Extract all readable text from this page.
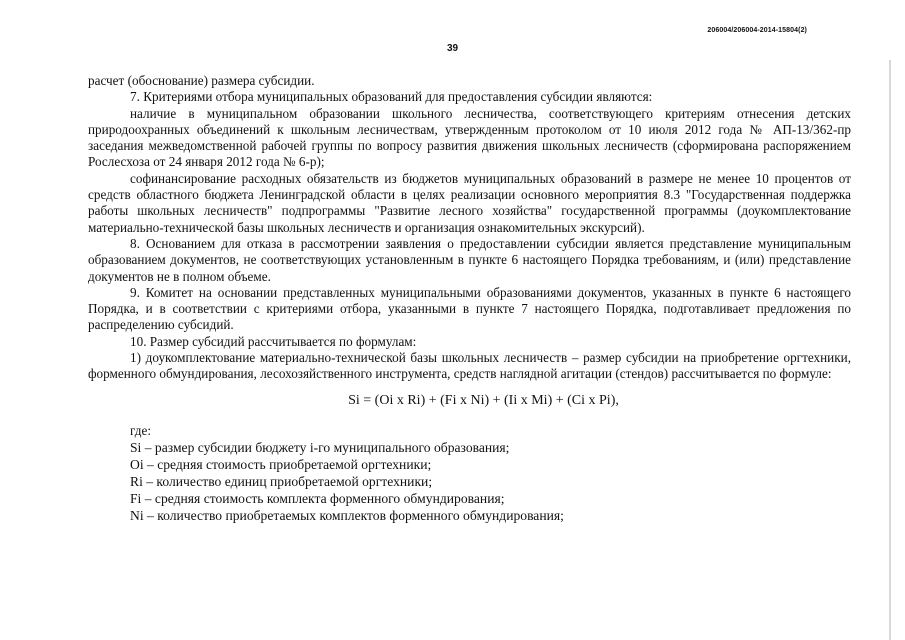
206004/206004-2014-15804(2)
39

расчет (обоснование) размера субсидии.

7. Критериями отбора муниципальных образований для предоставления субсидии являются:

наличие в муниципальном образовании школьного лесничества, соответствующего критериям отнесения детских природоохранных объединений к школьным лесничествам, утвержденным протоколом от 10 июля 2012 года № АП-13/362-пр заседания межведомственной рабочей группы по вопросу развития движения школьных лесничеств (сформирована распоряжением Рослесхоза от 24 января 2012 года № 6-р);

софинансирование расходных обязательств из бюджетов муниципальных образований в размере не менее 10 процентов от средств областного бюджета Ленинградской области в целях реализации основного мероприятия 8.3 "Государственная поддержка работы школьных лесничеств" подпрограммы "Развитие лесного хозяйства" государственной программы (доукомплектование материально-технической базы школьных лесничеств и организация ознакомительных экскурсий).

8. Основанием для отказа в рассмотрении заявления о предоставлении субсидии является представление муниципальным образованием документов, не соответствующих установленным в пункте 6 настоящего Порядка требованиям, и (или) представление документов не в полном объеме.

9. Комитет на основании представленных муниципальными образованиями документов, указанных в пункте 6 настоящего Порядка, и в соответствии с критериями отбора, указанными в пункте 7 настоящего Порядка, подготавливает предложения по распределению субсидий.

10. Размер субсидий рассчитывается по формулам:

1) доукомплектование материально-технической базы школьных лесничеств – размер субсидии на приобретение оргтехники, форменного обмундирования, лесохозяйственного инструмента, средств наглядной агитации (стендов) рассчитывается по формуле:

Si = (Oi x Ri) + (Fi x Ni) + (Ii x Mi) + (Ci x Pi),

где:

Si – размер субсидии бюджету i-го муниципального образования;

Oi – средняя стоимость приобретаемой оргтехники;

Ri – количество единиц приобретаемой оргтехники;

Fi – средняя стоимость комплекта форменного обмундирования;

Ni – количество приобретаемых комплектов форменного обмундирования;
